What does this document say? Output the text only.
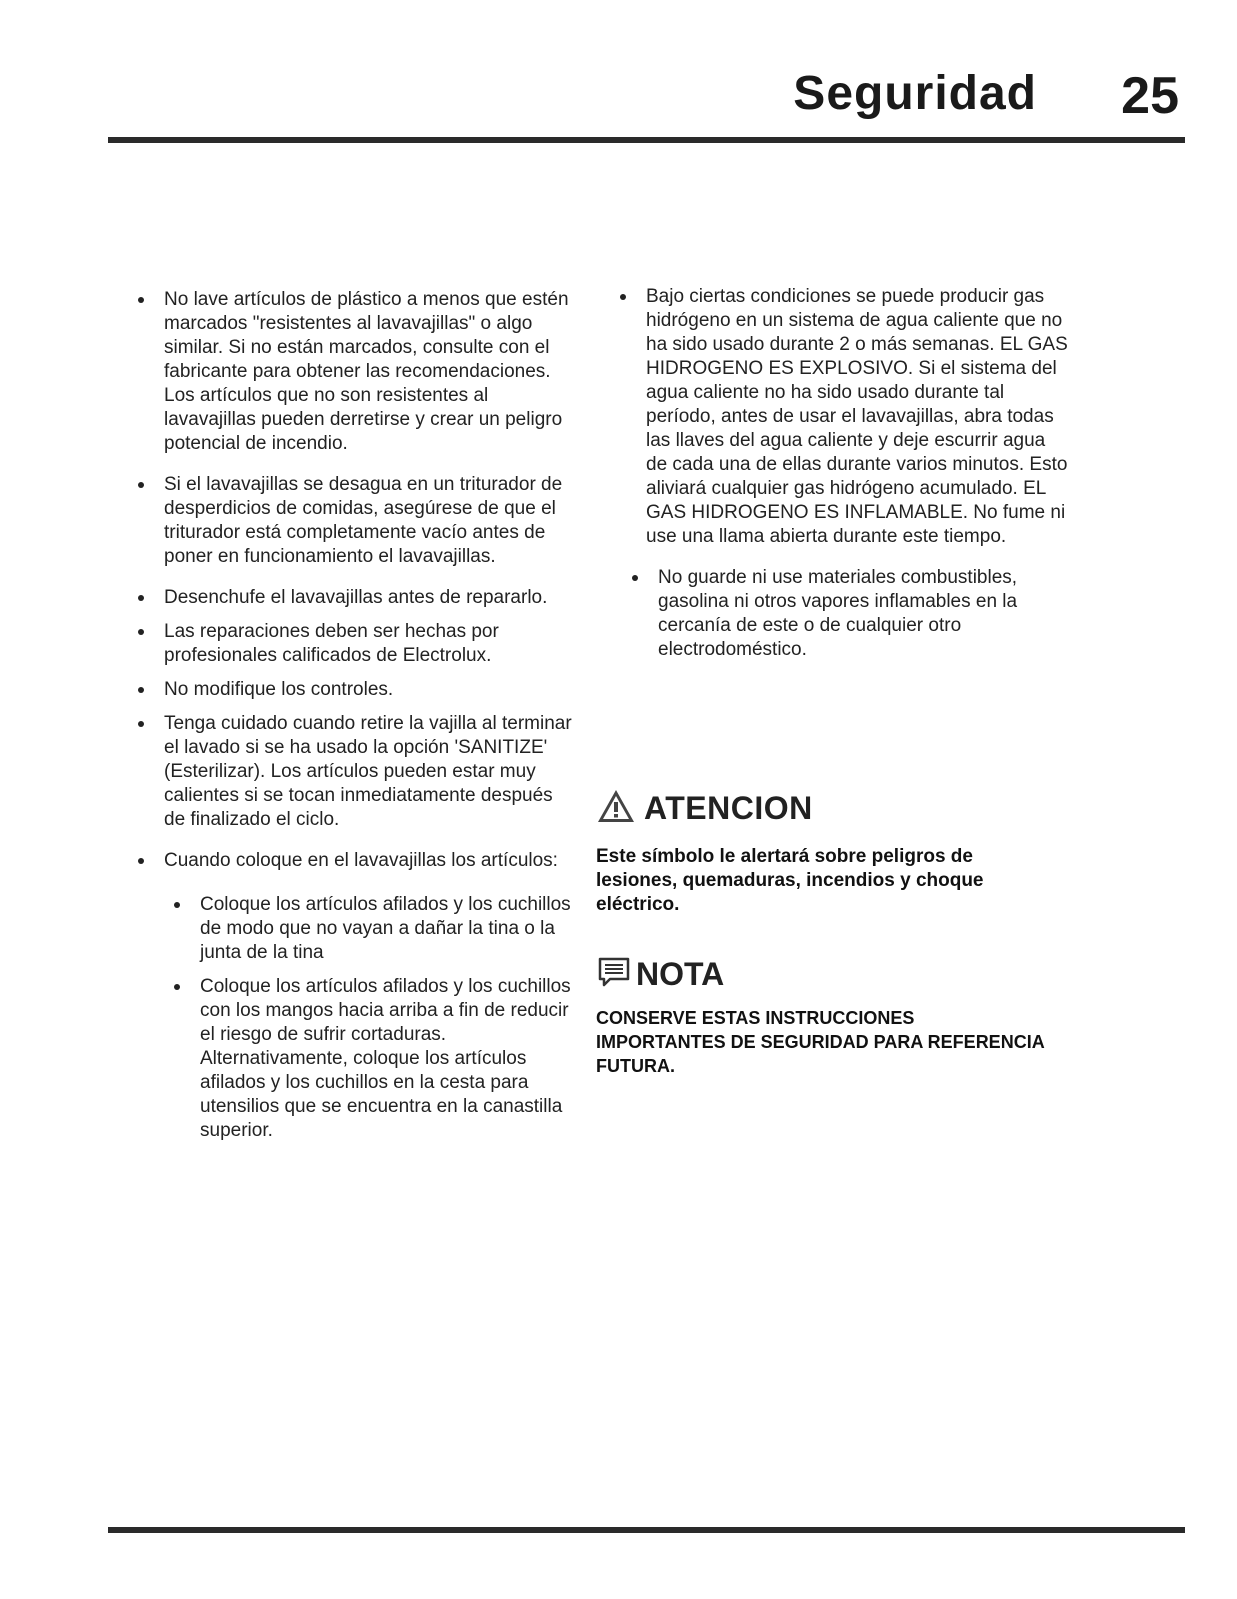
Seguridad 25
No lave artículos de plástico a menos que estén marcados "resistentes al lavavajillas" o algo similar. Si no están marcados, consulte con el fabricante para obtener las recomendaciones. Los artículos que no son resistentes al lavavajillas pueden derretirse y crear un peligro potencial de incendio.
Si el lavavajillas se desagua en un triturador de desperdicios de comidas, asegúrese de que el triturador está completamente vacío antes de poner en funcionamiento el lavavajillas.
Desenchufe el lavavajillas antes de repararlo.
Las reparaciones deben ser hechas por profesionales calificados de Electrolux.
No modifique los controles.
Tenga cuidado cuando retire la vajilla al terminar el lavado si se ha usado la opción 'SANITIZE' (Esterilizar). Los artículos pueden estar muy calientes si se tocan inmediatamente después de finalizado el ciclo.
Cuando coloque en el lavavajillas los artículos:
Coloque los artículos afilados y los cuchillos de modo que no vayan a dañar la tina o la junta de la tina
Coloque los artículos afilados y los cuchillos con los mangos hacia arriba a fin de reducir el riesgo de sufrir cortaduras. Alternativamente, coloque los artículos afilados y los cuchillos en la cesta para utensilios que se encuentra en la canastilla superior.
Bajo ciertas condiciones se puede producir gas hidrógeno en un sistema de agua caliente que no ha sido usado durante 2 o más semanas. EL GAS HIDROGENO ES EXPLOSIVO. Si el sistema del agua caliente no ha sido usado durante tal período, antes de usar el lavavajillas, abra todas las llaves del agua caliente y deje escurrir agua de cada una de ellas durante varios minutos. Esto aliviará cualquier gas hidrógeno acumulado. EL GAS HIDROGENO ES INFLAMABLE. No fume ni use una llama abierta durante este tiempo.
No guarde ni use materiales combustibles, gasolina ni otros vapores inflamables en la cercanía de este o de cualquier otro electrodoméstico.
ATENCION
Este símbolo le alertará sobre peligros de lesiones, quemaduras, incendios y choque eléctrico.
NOTA
CONSERVE ESTAS INSTRUCCIONES IMPORTANTES DE SEGURIDAD PARA REFERENCIA FUTURA.
